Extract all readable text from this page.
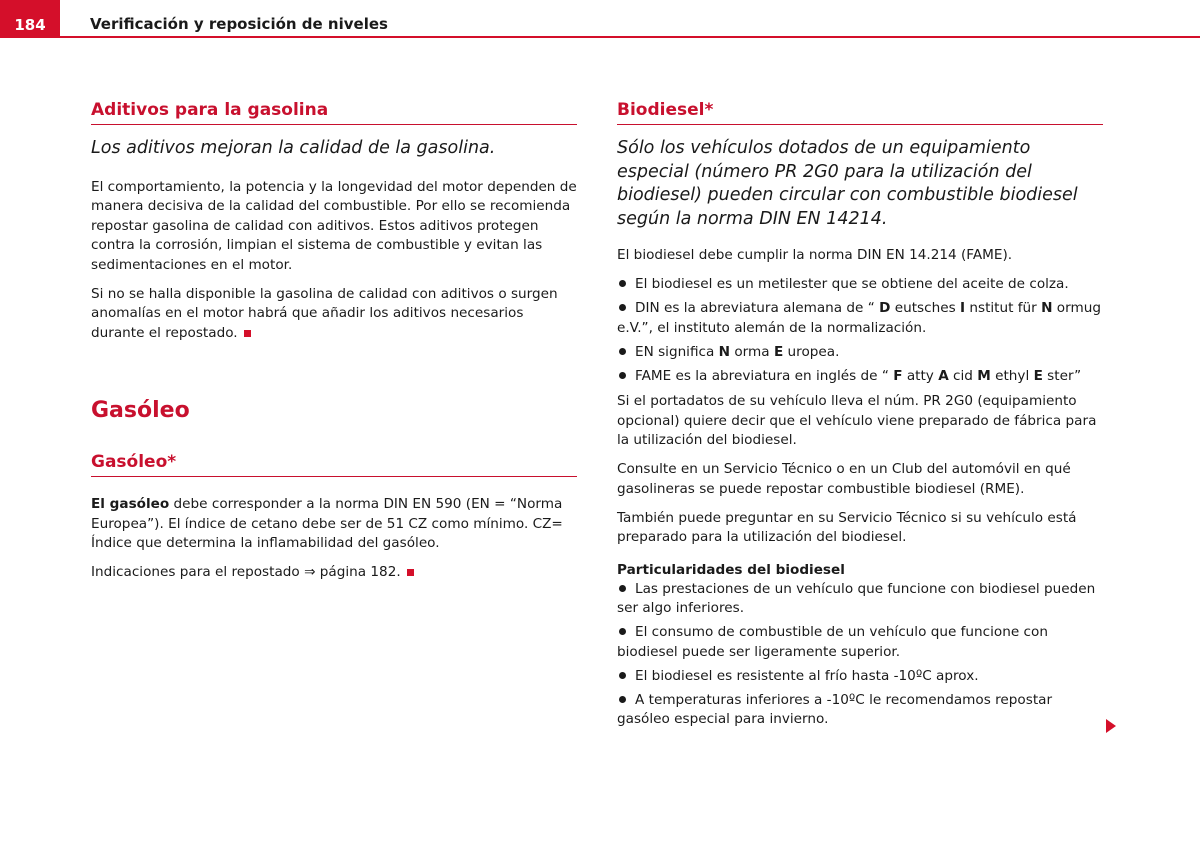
184	Verificación y reposición de niveles
Aditivos para la gasolina
Los aditivos mejoran la calidad de la gasolina.

El comportamiento, la potencia y la longevidad del motor dependen de manera decisiva de la calidad del combustible. Por ello se recomienda repostar gasolina de calidad con aditivos. Estos aditivos protegen contra la corrosión, limpian el sistema de combustible y evitan las sedimentaciones en el motor.

Si no se halla disponible la gasolina de calidad con aditivos o surgen anomalías en el motor habrá que añadir los aditivos necesarios durante el repostado.

Gasóleo
Gasóleo*

El gasóleo debe corresponder a la norma DIN EN 590 (EN = “Norma Europea”). El índice de cetano debe ser de 51 CZ como mínimo. CZ= Índice que determina la inflamabilidad del gasóleo.

Indicaciones para el repostado ⇒ página 182.

Biodiesel*
Sólo los vehículos dotados de un equipamiento especial (número PR 2G0 para la utilización del biodiesel) pueden circular con combustible biodiesel según la norma DIN EN 14214.

El biodiesel debe cumplir la norma DIN EN 14.214 (FAME).

El biodiesel es un metilester que se obtiene del aceite de colza.
DIN es la abreviatura alemana de “ D eutsches I nstitut für N ormug e.V.”, el instituto alemán de la normalización.
EN significa N orma E uropea.
FAME es la abreviatura en inglés de “ F atty A cid M ethyl E ster”

Si el portadatos de su vehículo lleva el núm. PR 2G0 (equipamiento opcional) quiere decir que el vehículo viene preparado de fábrica para la utilización del biodiesel.

Consulte en un Servicio Técnico o en un Club del automóvil en qué gasolineras se puede repostar combustible biodiesel (RME).

También puede preguntar en su Servicio Técnico si su vehículo está preparado para la utilización del biodiesel.

Particularidades del biodiesel
Las prestaciones de un vehículo que funcione con biodiesel pueden ser algo inferiores.
El consumo de combustible de un vehículo que funcione con biodiesel puede ser ligeramente superior.
El biodiesel es resistente al frío hasta -10ºC aprox.
A temperaturas inferiores a -10ºC le recomendamos repostar gasóleo especial para invierno.
